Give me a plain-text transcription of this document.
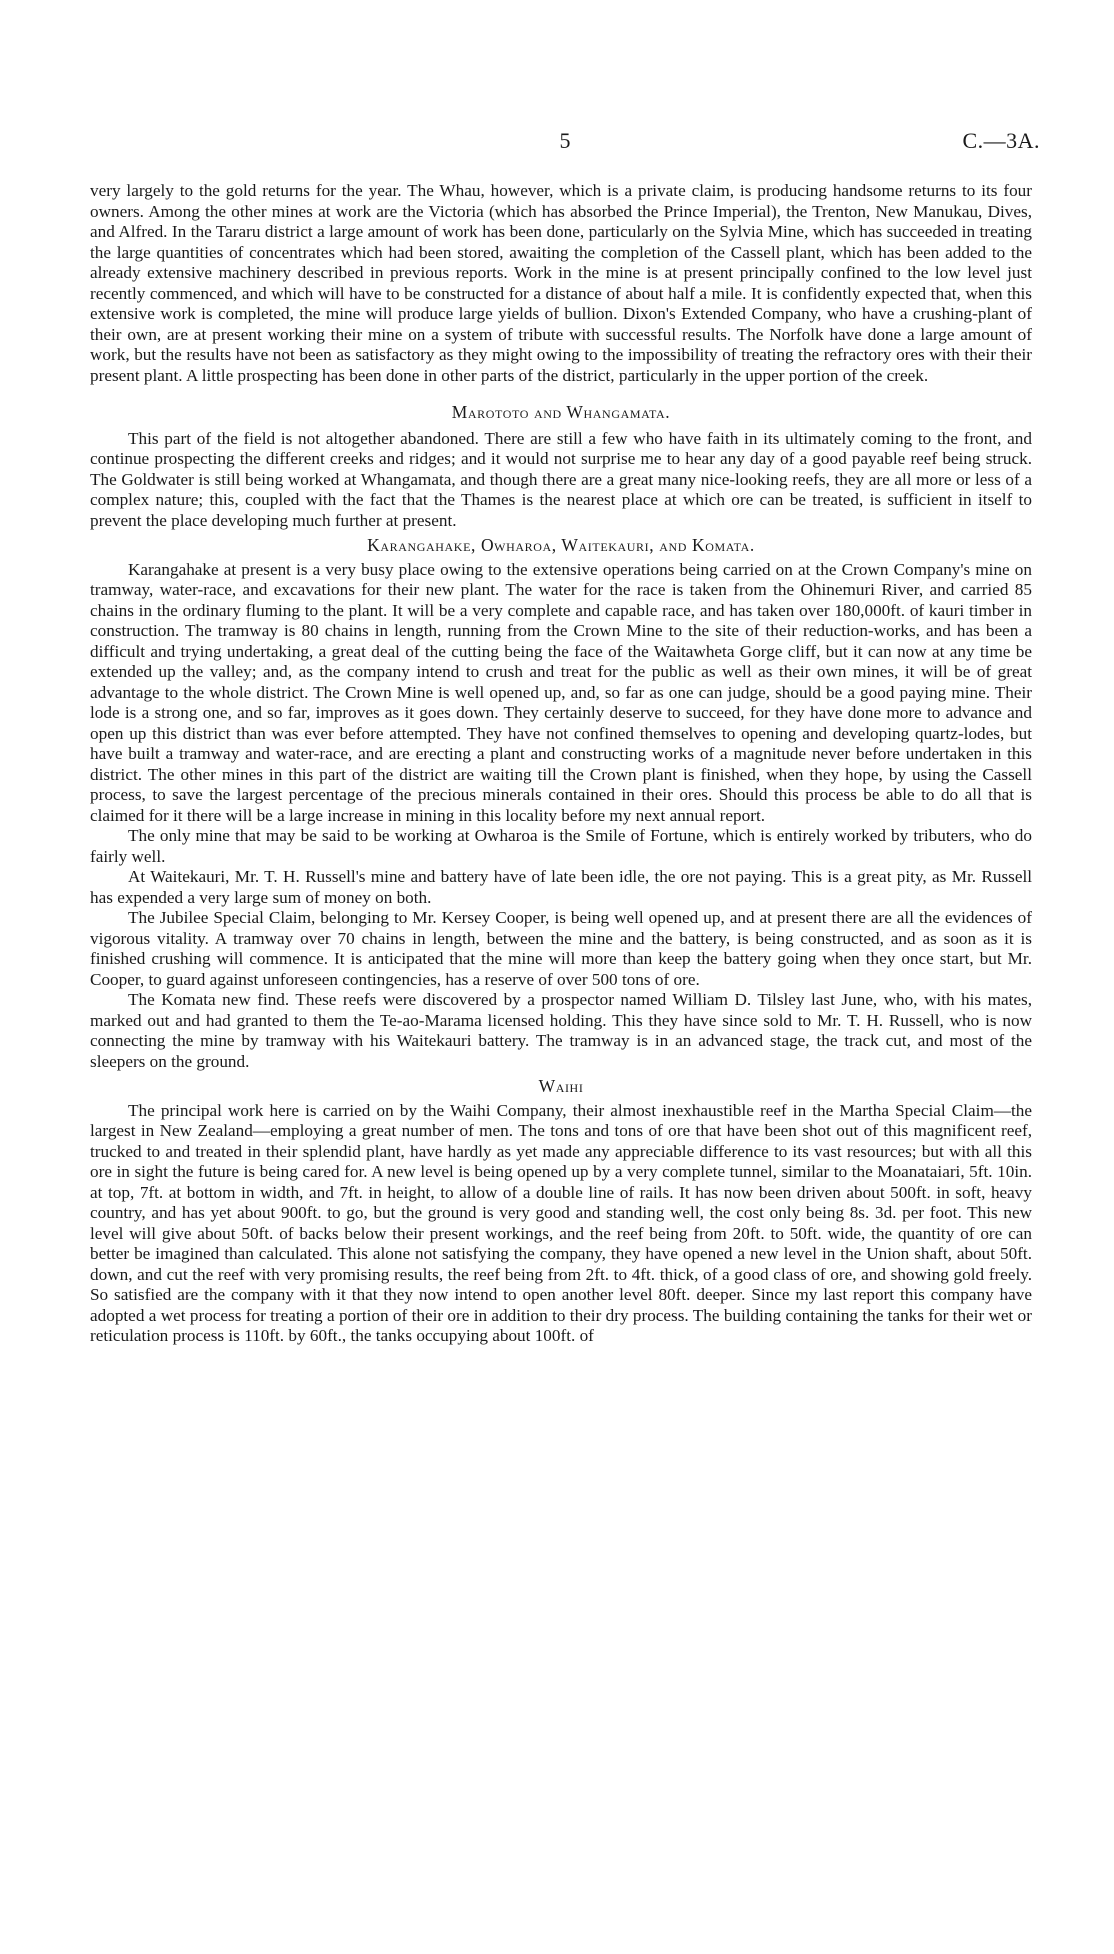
5	C.—3A.

very largely to the gold returns for the year. The Whau, however, which is a private claim, is producing handsome returns to its four owners. Among the other mines at work are the Victoria (which has absorbed the Prince Imperial), the Trenton, New Manukau, Dives, and Alfred. In the Tararu district a large amount of work has been done, particularly on the Sylvia Mine, which has succeeded in treating the large quantities of concentrates which had been stored, awaiting the completion of the Cassell plant, which has been added to the already extensive machinery described in previous reports. Work in the mine is at present principally confined to the low level just recently commenced, and which will have to be constructed for a distance of about half a mile. It is confidently expected that, when this extensive work is completed, the mine will produce large yields of bullion. Dixon's Extended Company, who have a crushing-plant of their own, are at present working their mine on a system of tribute with successful results. The Norfolk have done a large amount of work, but the results have not been as satisfactory as they might owing to the impossibility of treating the refractory ores with their their present plant. A little prospecting has been done in other parts of the district, particularly in the upper portion of the creek.

Marototo and Whangamata.

This part of the field is not altogether abandoned. There are still a few who have faith in its ultimately coming to the front, and continue prospecting the different creeks and ridges; and it would not surprise me to hear any day of a good payable reef being struck. The Goldwater is still being worked at Whangamata, and though there are a great many nice-looking reefs, they are all more or less of a complex nature; this, coupled with the fact that the Thames is the nearest place at which ore can be treated, is sufficient in itself to prevent the place developing much further at present.

Karangahake, Owharoa, Waitekauri, and Komata.

Karangahake at present is a very busy place owing to the extensive operations being carried on at the Crown Company's mine on tramway, water-race, and excavations for their new plant. The water for the race is taken from the Ohinemuri River, and carried 85 chains in the ordinary fluming to the plant. It will be a very complete and capable race, and has taken over 180,000ft. of kauri timber in construction. The tramway is 80 chains in length, running from the Crown Mine to the site of their reduction-works, and has been a difficult and trying undertaking, a great deal of the cutting being the face of the Waitawheta Gorge cliff, but it can now at any time be extended up the valley; and, as the company intend to crush and treat for the public as well as their own mines, it will be of great advantage to the whole district. The Crown Mine is well opened up, and, so far as one can judge, should be a good paying mine. Their lode is a strong one, and so far, improves as it goes down. They certainly deserve to succeed, for they have done more to advance and open up this district than was ever before attempted. They have not confined themselves to opening and developing quartz-lodes, but have built a tramway and water-race, and are erecting a plant and constructing works of a magnitude never before undertaken in this district. The other mines in this part of the district are waiting till the Crown plant is finished, when they hope, by using the Cassell process, to save the largest percentage of the precious minerals contained in their ores. Should this process be able to do all that is claimed for it there will be a large increase in mining in this locality before my next annual report.

The only mine that may be said to be working at Owharoa is the Smile of Fortune, which is entirely worked by tributers, who do fairly well.

At Waitekauri, Mr. T. H. Russell's mine and battery have of late been idle, the ore not paying. This is a great pity, as Mr. Russell has expended a very large sum of money on both.

The Jubilee Special Claim, belonging to Mr. Kersey Cooper, is being well opened up, and at present there are all the evidences of vigorous vitality. A tramway over 70 chains in length, between the mine and the battery, is being constructed, and as soon as it is finished crushing will commence. It is anticipated that the mine will more than keep the battery going when they once start, but Mr. Cooper, to guard against unforeseen contingencies, has a reserve of over 500 tons of ore.

The Komata new find. These reefs were discovered by a prospector named William D. Tilsley last June, who, with his mates, marked out and had granted to them the Te-ao-Marama licensed holding. This they have since sold to Mr. T. H. Russell, who is now connecting the mine by tramway with his Waitekauri battery. The tramway is in an advanced stage, the track cut, and most of the sleepers on the ground.

Waihi

The principal work here is carried on by the Waihi Company, their almost inexhaustible reef in the Martha Special Claim—the largest in New Zealand—employing a great number of men. The tons and tons of ore that have been shot out of this magnificent reef, trucked to and treated in their splendid plant, have hardly as yet made any appreciable difference to its vast resources; but with all this ore in sight the future is being cared for. A new level is being opened up by a very complete tunnel, similar to the Moanataiari, 5ft. 10in. at top, 7ft. at bottom in width, and 7ft. in height, to allow of a double line of rails. It has now been driven about 500ft. in soft, heavy country, and has yet about 900ft. to go, but the ground is very good and standing well, the cost only being 8s. 3d. per foot. This new level will give about 50ft. of backs below their present workings, and the reef being from 20ft. to 50ft. wide, the quantity of ore can better be imagined than calculated. This alone not satisfying the company, they have opened a new level in the Union shaft, about 50ft. down, and cut the reef with very promising results, the reef being from 2ft. to 4ft. thick, of a good class of ore, and showing gold freely. So satisfied are the company with it that they now intend to open another level 80ft. deeper. Since my last report this company have adopted a wet process for treating a portion of their ore in addition to their dry process. The building containing the tanks for their wet or reticulation process is 110ft. by 60ft., the tanks occupying about 100ft. of
